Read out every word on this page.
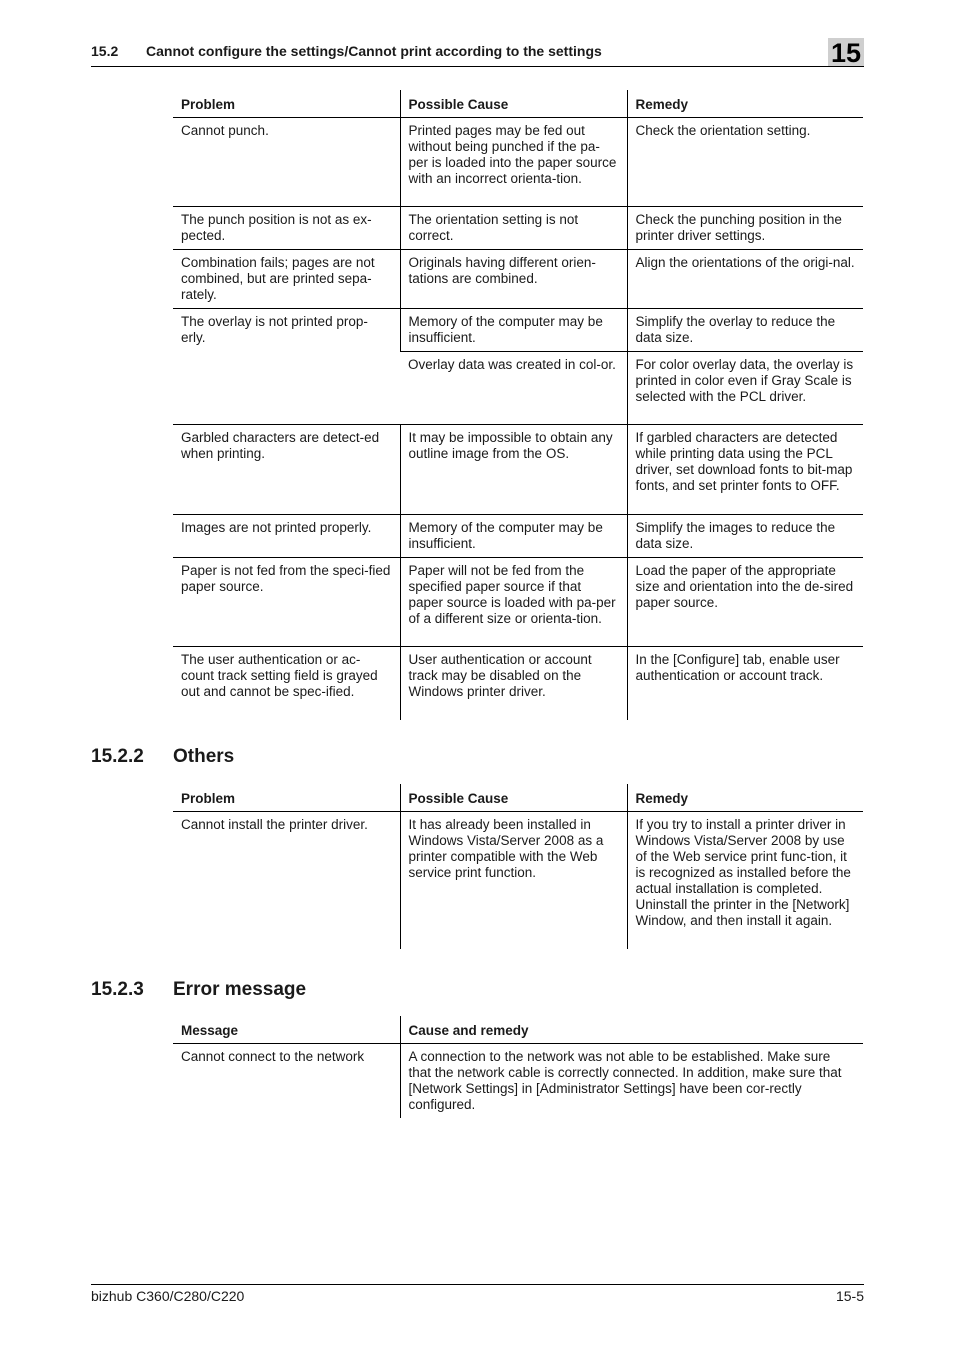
15.2 Cannot configure the settings/Cannot print according to the settings	15
Problem	Possible Cause	Remedy
Cannot punch.	Printed pages may be fed out without being punched if the pa-per is loaded into the paper source with an incorrect orienta-tion.	Check the orientation setting.
The punch position is not as ex-pected.	The orientation setting is not correct.	Check the punching position in the printer driver settings.
Combination fails; pages are not combined, but are printed sepa-rately.	Originals having different orien-tations are combined.	Align the orientations of the origi-nal.
The overlay is not printed prop-erly.	Memory of the computer may be insufficient.	Simplify the overlay to reduce the data size.
	Overlay data was created in col-or.	For color overlay data, the overlay is printed in color even if Gray Scale is selected with the PCL driver.
Garbled characters are detect-ed when printing.	It may be impossible to obtain any outline image from the OS.	If garbled characters are detected while printing data using the PCL driver, set download fonts to bit-map fonts, and set printer fonts to OFF.
Images are not printed properly.	Memory of the computer may be insufficient.	Simplify the images to reduce the data size.
Paper is not fed from the speci-fied paper source.	Paper will not be fed from the specified paper source if that paper source is loaded with pa-per of a different size or orienta-tion.	Load the paper of the appropriate size and orientation into the de-sired paper source.
The user authentication or ac-count track setting field is grayed out and cannot be spec-ified.	User authentication or account track may be disabled on the Windows printer driver.	In the [Configure] tab, enable user authentication or account track.
15.2.2 Others
Problem	Possible Cause	Remedy
Cannot install the printer driver.	It has already been installed in Windows Vista/Server 2008 as a printer compatible with the Web service print function.	If you try to install a printer driver in Windows Vista/Server 2008 by use of the Web service print func-tion, it is recognized as installed before the actual installation is completed. Uninstall the printer in the [Network] Window, and then install it again.
15.2.3 Error message
Message	Cause and remedy
Cannot connect to the network	A connection to the network was not able to be established. Make sure that the network cable is correctly connected. In addition, make sure that [Network Settings] in [Administrator Settings] have been cor-rectly configured.
bizhub C360/C280/C220	15-5
